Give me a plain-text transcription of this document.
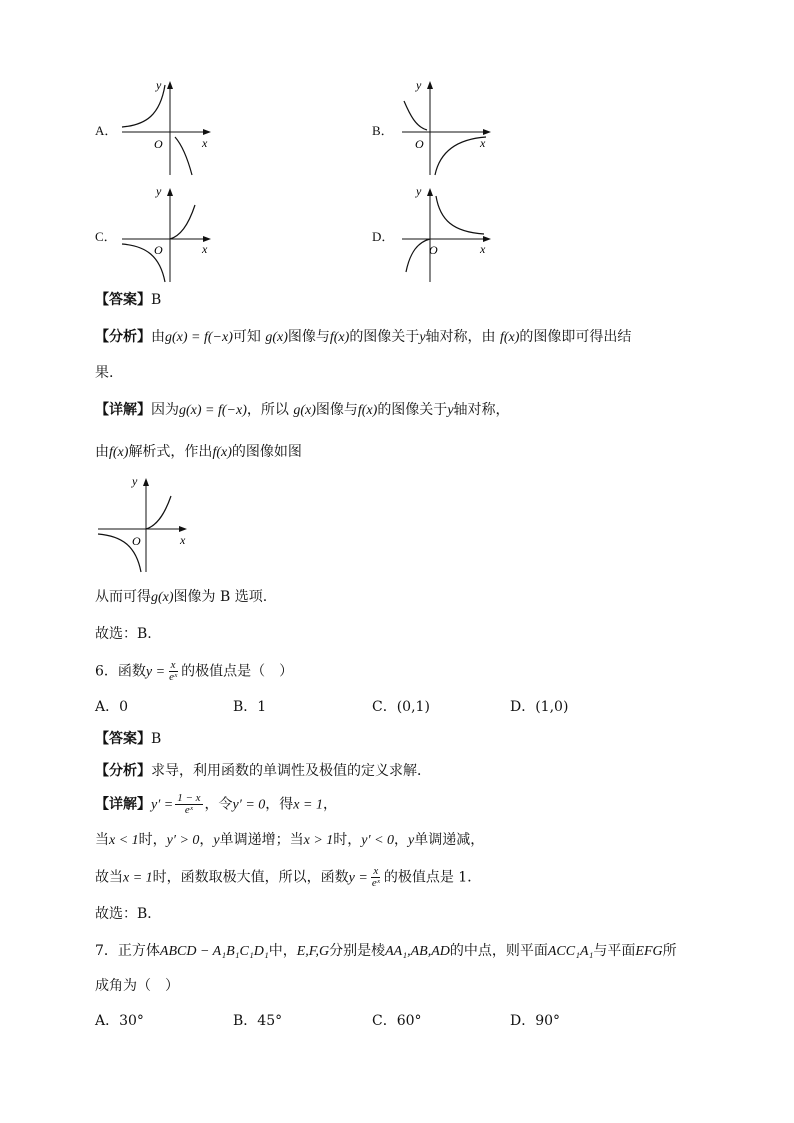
A．
y
O	x
B．
y
O	x
C．
y
O	x
D．
y
O	x
【答案】B
【分析】由g(x) = f(−x)可知 g(x)图像与f(x)的图像关于y轴对称，由 f(x)的图像即可得出结
果.
【详解】因为g(x) = f(−x)，所以 g(x)图像与f(x)的图像关于y轴对称，
由f(x)解析式，作出f(x)的图像如图
y
O	x
从而可得g(x)图像为 B 选项.
故选：B.
6．函数$y = \frac{x}{\text{eˣ}}$ 的极值点是（　）
A．0	B．1	C．(0,1)	D．(1,0)
【答案】B
【分析】求导，利用函数的单调性及极值的定义求解．
【详解】$y' = \frac{1 - x}{\text{eˣ}}$ ，令y′ = 0，得x = 1，
当x < 1时，y′ > 0，y单调递增；当x > 1时，y′ < 0，y单调递减，
故当x = 1时，函数取极大值，所以，函数$y = \frac{x}{\text{eˣ}}$ 的极值点是 1．
故选：B．
7．正方体ABCD − A₁B₁C₁D₁中，E,F,G分别是棱AA₁,AB,AD的中点，则平面ACC₁A₁与平面EFG所
成角为（　）
A．30°	B．45°	C．60°	D．90°
